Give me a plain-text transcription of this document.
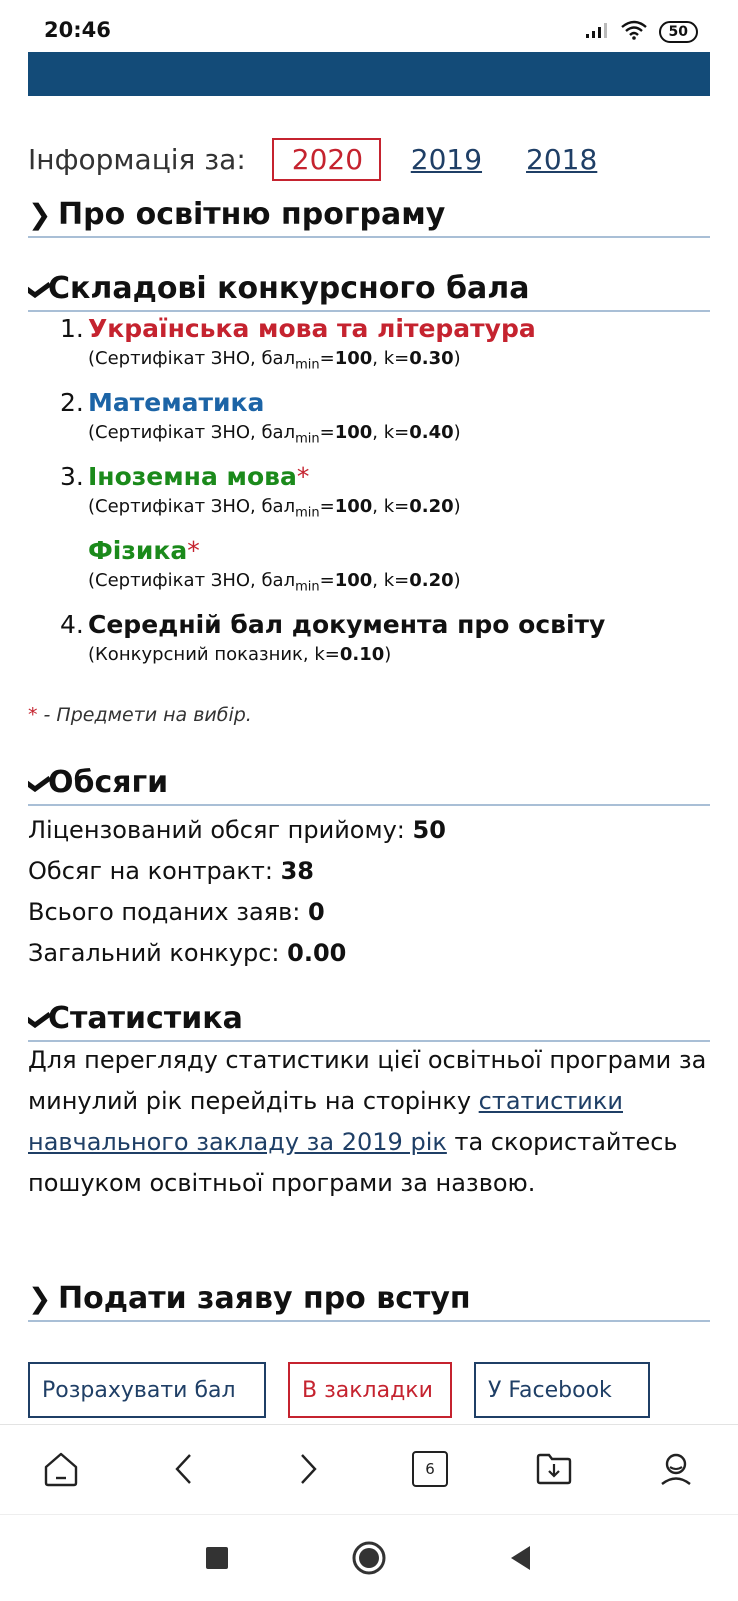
20:46	50
Інформація за:	2020	2019 2018
❯ Про освітню програму
Складові конкурсного бала
1. Українська мова та література
(Сертифікат ЗНО, бал$_{min}$=100, k=0.30)
2. Математика
(Сертифікат ЗНО, бал$_{min}$=100, k=0.40)
3. Іноземна мова*
(Сертифікат ЗНО, бал$_{min}$=100, k=0.20)
Фізика*
(Сертифікат ЗНО, бал$_{min}$=100, k=0.20)
4. Середній бал документа про освіту
(Конкурсний показник, k=0.10)
* - Предмети на вибір.
Обсяги
Ліцензований обсяг прийому: 50
Обсяг на контракт: 38
Всього поданих заяв: 0
Загальний конкурс: 0.00
Статистика
Для перегляду статистики цієї освітньої програми за минулий рік перейдіть на сторінку статистики навчального закладу за 2019 рік та скористайтесь пошуком освітньої програми за назвою.
❯ Подати заяву про вступ
Розрахувати бал	В закладки	У Facebook
6
